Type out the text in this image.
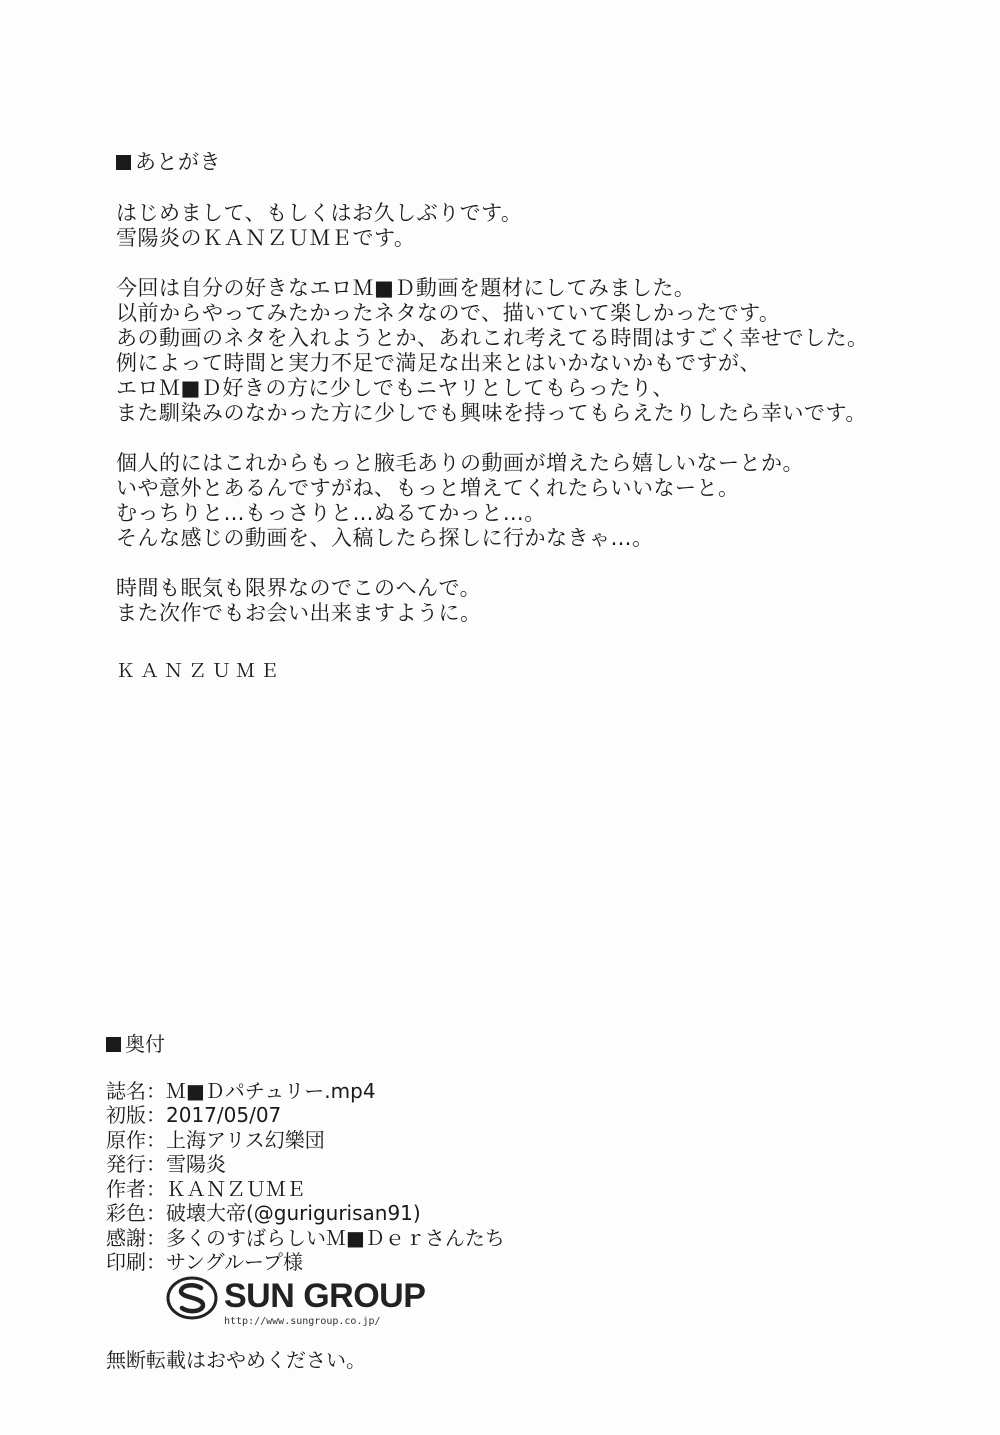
あとがき

はじめまして、もしくはお久しぶりです。
雪陽炎のＫＡＮＺＵＭＥです。

今回は自分の好きなエロＭ■Ｄ動画を題材にしてみました。
以前からやってみたかったネタなので、描いていて楽しかったです。
あの動画のネタを入れようとか、あれこれ考えてる時間はすごく幸せでした。
例によって時間と実力不足で満足な出来とはいかないかもですが、
エロＭ■Ｄ好きの方に少しでもニヤリとしてもらったり、
また馴染みのなかった方に少しでも興味を持ってもらえたりしたら幸いです。

個人的にはこれからもっと腋毛ありの動画が増えたら嬉しいなーとか。
いや意外とあるんですがね、もっと増えてくれたらいいなーと。
むっちりと…もっさりと…ぬるてかっと…。
そんな感じの動画を、入稿したら探しに行かなきゃ…。

時間も眠気も限界なのでこのへんで。
また次作でもお会い出来ますように。

ＫＡＮＺＵＭＥ
奥付
誌名： Ｍ■Ｄパチュリー.mp4
初版： 2017/05/07
原作： 上海アリス幻樂団
発行： 雪陽炎
作者： ＫＡＮＺＵＭＥ
彩色： 破壊大帝(@gurigurisan91)
感謝： 多くのすばらしいＭ■Ｄｅｒさんたち
印刷： サングループ様
SUN GROUP
http://www.sungroup.co.jp/
無断転載はおやめください。
